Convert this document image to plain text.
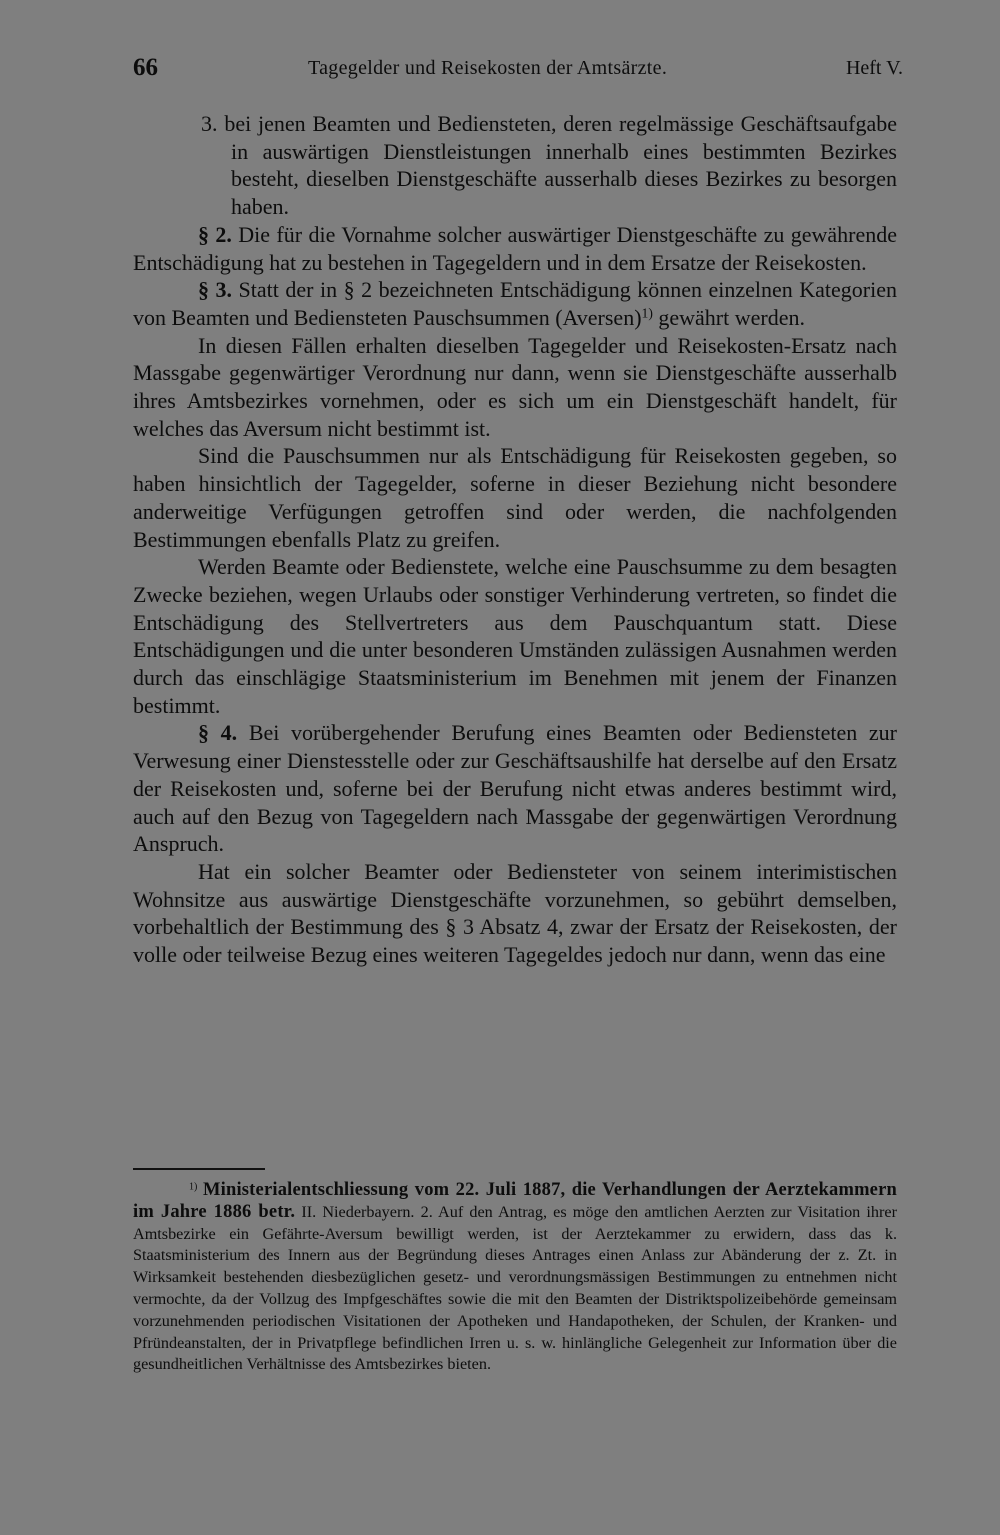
66	Tagegelder und Reisekosten der Amtsärzte.	Heft V.

3. bei jenen Beamten und Bediensteten, deren regelmässige Geschäftsaufgabe in auswärtigen Dienstleistungen innerhalb eines bestimmten Bezirkes besteht, dieselben Dienstgeschäfte ausserhalb dieses Bezirkes zu besorgen haben.

§ 2. Die für die Vornahme solcher auswärtiger Dienstgeschäfte zu gewährende Entschädigung hat zu bestehen in Tagegeldern und in dem Ersatze der Reisekosten.

§ 3. Statt der in § 2 bezeichneten Entschädigung können einzelnen Kategorien von Beamten und Bediensteten Pauschsummen (Aversen)$^{1)}$ gewährt werden.

In diesen Fällen erhalten dieselben Tagegelder und Reisekosten-Ersatz nach Massgabe gegenwärtiger Verordnung nur dann, wenn sie Dienstgeschäfte ausserhalb ihres Amtsbezirkes vornehmen, oder es sich um ein Dienstgeschäft handelt, für welches das Aversum nicht bestimmt ist.

Sind die Pauschsummen nur als Entschädigung für Reisekosten gegeben, so haben hinsichtlich der Tagegelder, soferne in dieser Beziehung nicht besondere anderweitige Verfügungen getroffen sind oder werden, die nachfolgenden Bestimmungen ebenfalls Platz zu greifen.

Werden Beamte oder Bedienstete, welche eine Pauschsumme zu dem besagten Zwecke beziehen, wegen Urlaubs oder sonstiger Verhinderung vertreten, so findet die Entschädigung des Stellvertreters aus dem Pauschquantum statt. Diese Entschädigungen und die unter besonderen Umständen zulässigen Ausnahmen werden durch das einschlägige Staatsministerium im Benehmen mit jenem der Finanzen bestimmt.

§ 4. Bei vorübergehender Berufung eines Beamten oder Bediensteten zur Verwesung einer Dienstesstelle oder zur Geschäftsaushilfe hat derselbe auf den Ersatz der Reisekosten und, soferne bei der Berufung nicht etwas anderes bestimmt wird, auch auf den Bezug von Tagegeldern nach Massgabe der gegenwärtigen Verordnung Anspruch.

Hat ein solcher Beamter oder Bediensteter von seinem interimistischen Wohnsitze aus auswärtige Dienstgeschäfte vorzunehmen, so gebührt demselben, vorbehaltlich der Bestimmung des § 3 Absatz 4, zwar der Ersatz der Reisekosten, der volle oder teilweise Bezug eines weiteren Tagegeldes jedoch nur dann, wenn das eine

$^{1)}$ Ministerialentschliessung vom 22. Juli 1887, die Verhandlungen der Aerztekammern im Jahre 1886 betr. II. Niederbayern. 2. Auf den Antrag, es möge den amtlichen Aerzten zur Visitation ihrer Amtsbezirke ein Gefährte-Aversum bewilligt werden, ist der Aerztekammer zu erwidern, dass das k. Staatsministerium des Innern aus der Begründung dieses Antrages einen Anlass zur Abänderung der z. Zt. in Wirksamkeit bestehenden diesbezüglichen gesetz- und verordnungsmässigen Bestimmungen zu entnehmen nicht vermochte, da der Vollzug des Impfgeschäftes sowie die mit den Beamten der Distriktspolizeibehörde gemeinsam vorzunehmenden periodischen Visitationen der Apotheken und Handapotheken, der Schulen, der Kranken- und Pfründeanstalten, der in Privatpflege befindlichen Irren u. s. w. hinlängliche Gelegenheit zur Information über die gesundheitlichen Verhältnisse des Amtsbezirkes bieten.
